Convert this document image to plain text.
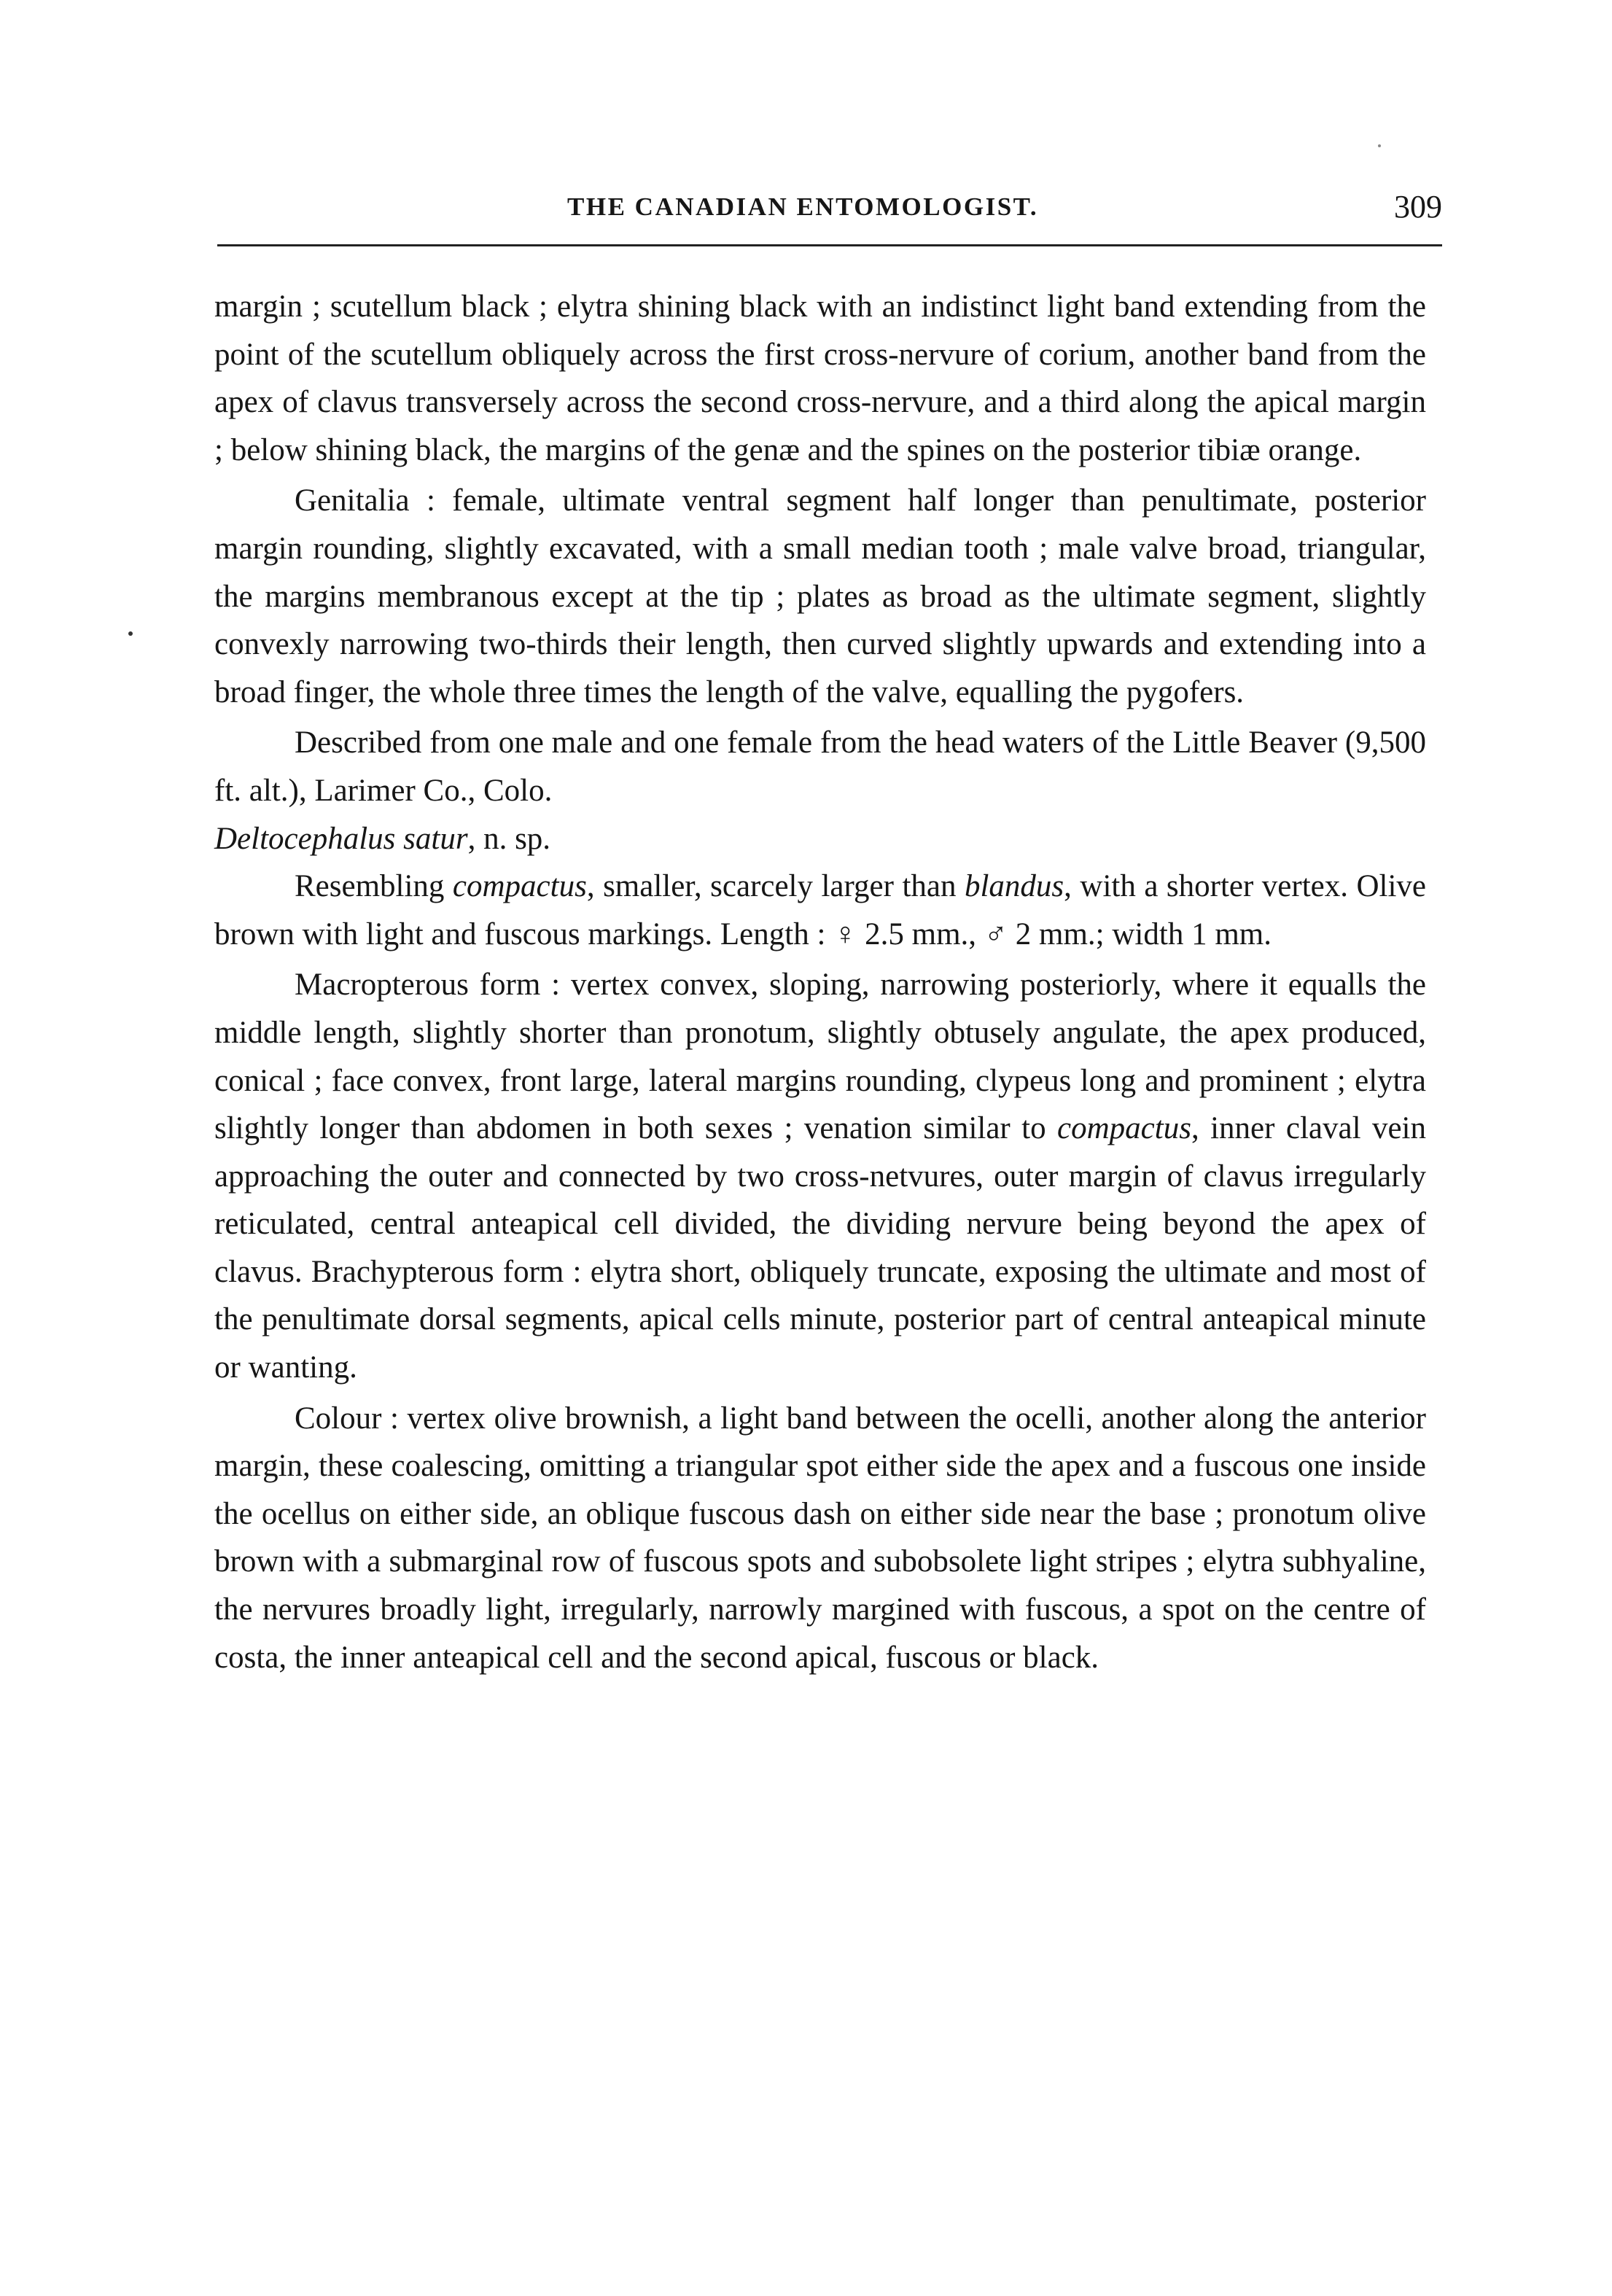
THE CANADIAN ENTOMOLOGIST.	309

margin ; scutellum black ; elytra shining black with an indistinct light band extending from the point of the scutellum obliquely across the first cross-nervure of corium, another band from the apex of clavus transversely across the second cross-nervure, and a third along the apical margin ; below shining black, the margins of the genæ and the spines on the posterior tibiæ orange.

Genitalia : female, ultimate ventral segment half longer than penultimate, posterior margin rounding, slightly excavated, with a small median tooth ; male valve broad, triangular, the margins membranous except at the tip ; plates as broad as the ultimate segment, slightly convexly narrowing two-thirds their length, then curved slightly upwards and extending into a broad finger, the whole three times the length of the valve, equalling the pygofers.

Described from one male and one female from the head waters of the Little Beaver (9,500 ft. alt.), Larimer Co., Colo.

Deltocephalus satur, n. sp.

Resembling compactus, smaller, scarcely larger than blandus, with a shorter vertex. Olive brown with light and fuscous markings. Length : ♀ 2.5 mm., ♂ 2 mm.; width 1 mm.

Macropterous form : vertex convex, sloping, narrowing posteriorly, where it equalls the middle length, slightly shorter than pronotum, slightly obtusely angulate, the apex produced, conical ; face convex, front large, lateral margins rounding, clypeus long and prominent ; elytra slightly longer than abdomen in both sexes ; venation similar to compactus, inner claval vein approaching the outer and connected by two cross-netvures, outer margin of clavus irregularly reticulated, central anteapical cell divided, the dividing nervure being beyond the apex of clavus. Brachypterous form : elytra short, obliquely truncate, exposing the ultimate and most of the penultimate dorsal segments, apical cells minute, posterior part of central anteapical minute or wanting.

Colour : vertex olive brownish, a light band between the ocelli, another along the anterior margin, these coalescing, omitting a triangular spot either side the apex and a fuscous one inside the ocellus on either side, an oblique fuscous dash on either side near the base ; pronotum olive brown with a submarginal row of fuscous spots and subobsolete light stripes ; elytra subhyaline, the nervures broadly light, irregularly, narrowly margined with fuscous, a spot on the centre of costa, the inner anteapical cell and the second apical, fuscous or black.
